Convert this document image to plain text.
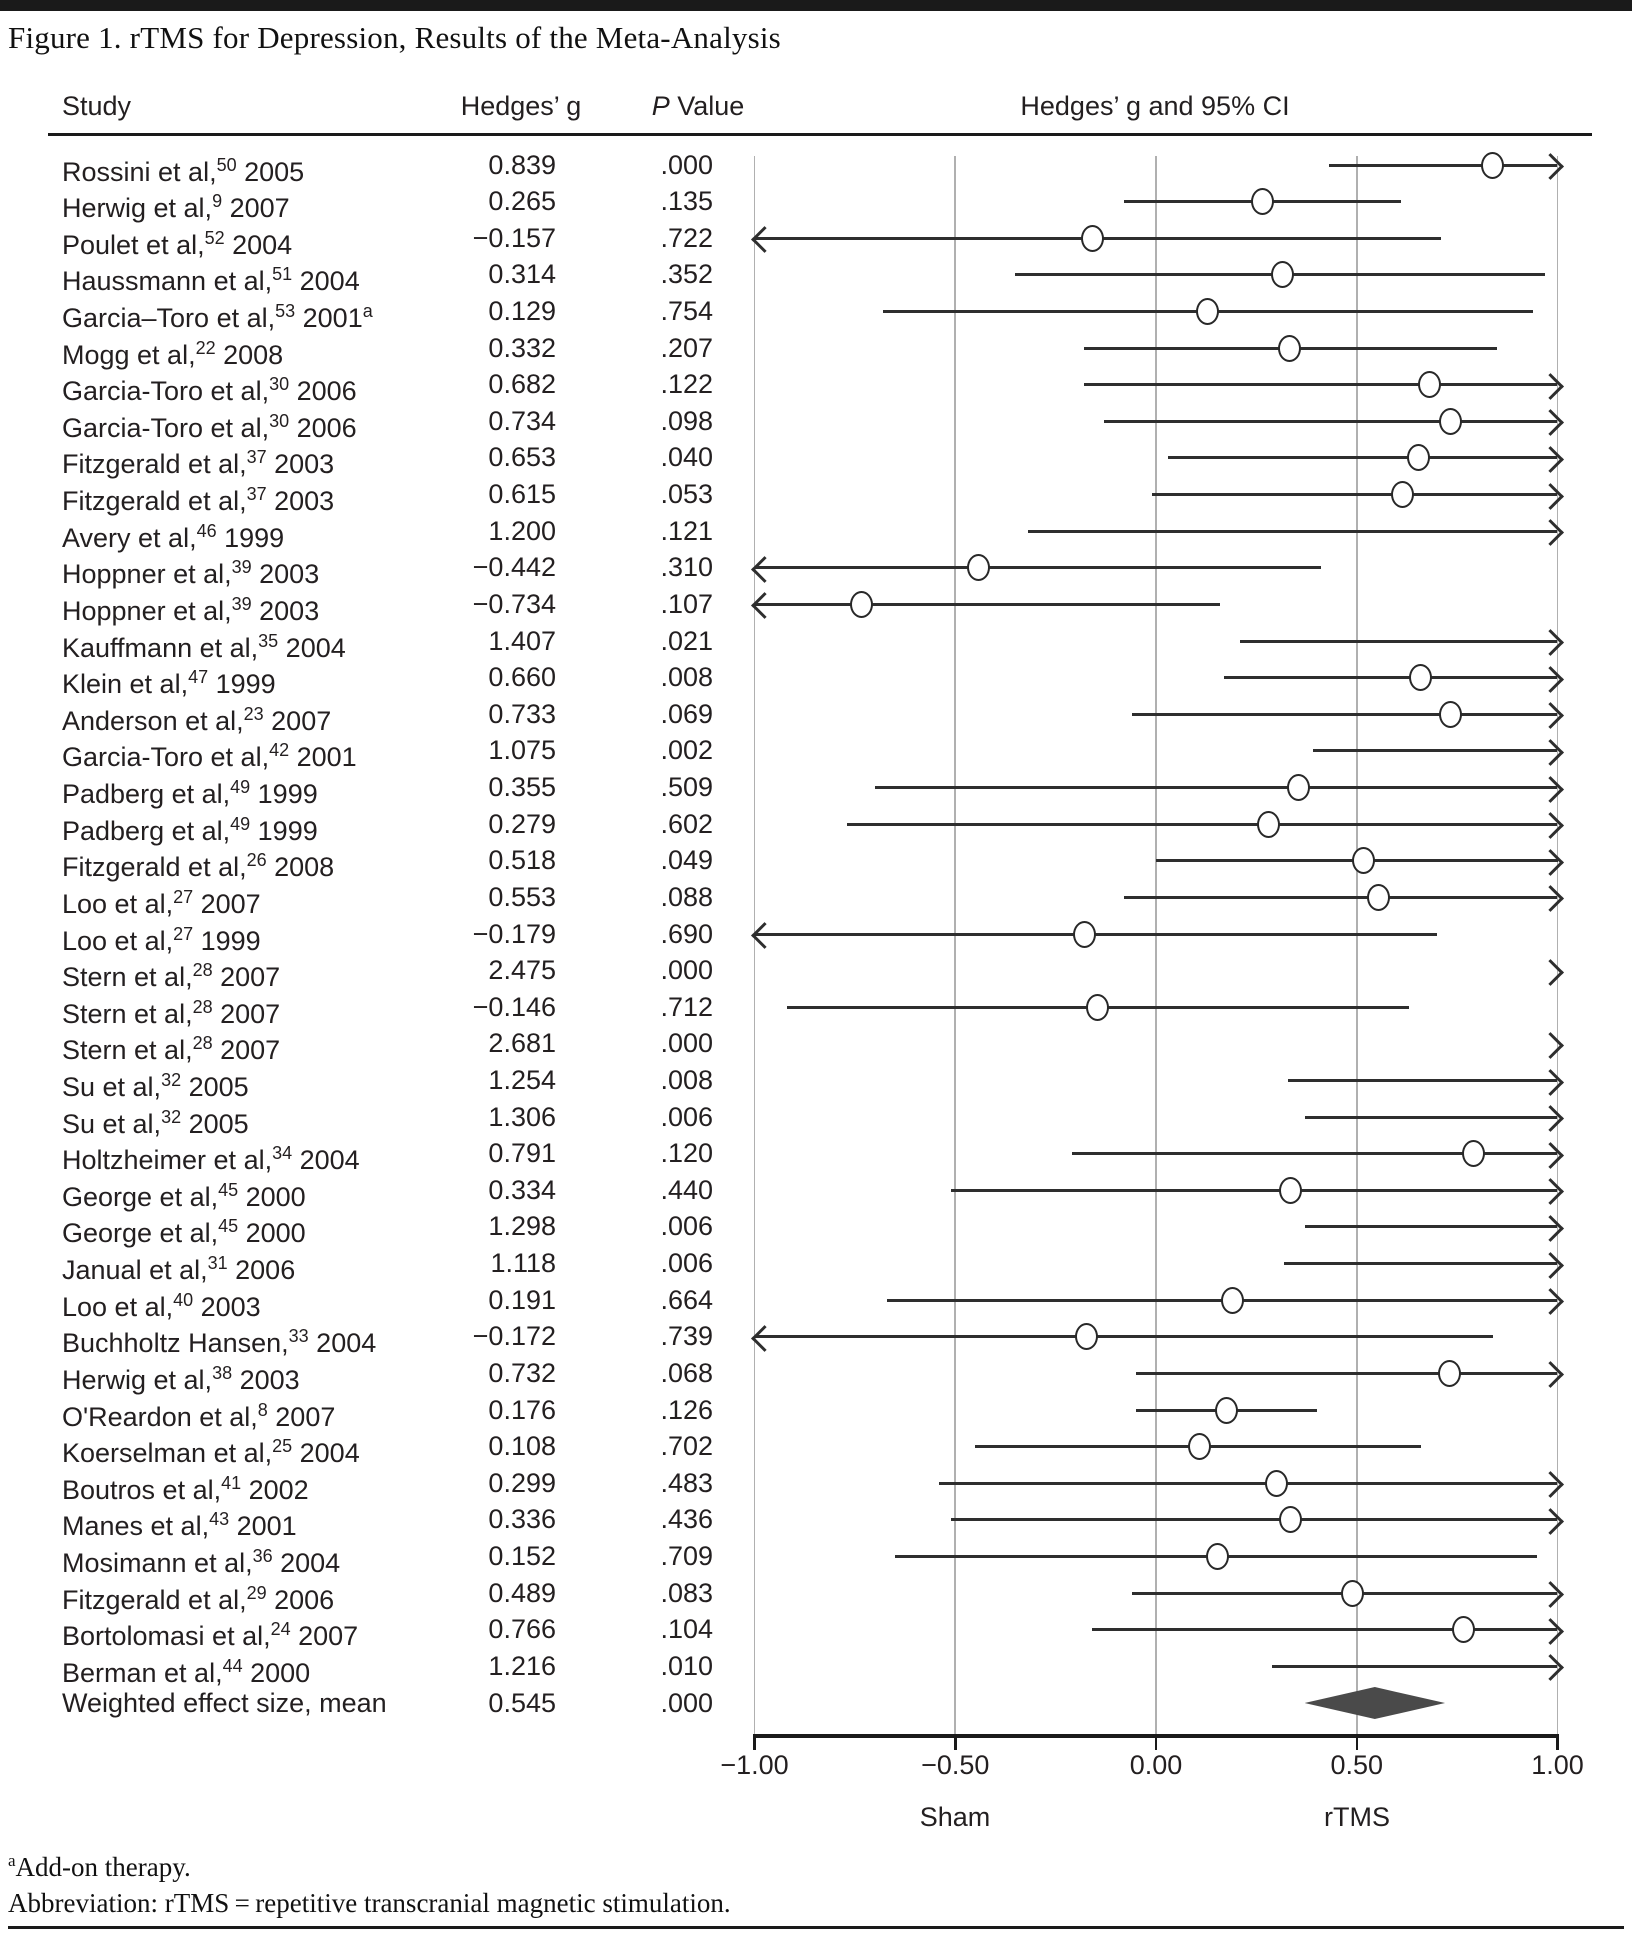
Figure 1. rTMS for Depression, Results of the Meta-Analysis
Study	Hedges’ g	P Value	Hedges’ g and 95% CI
Rossini et al,$^{50}$ 2005	0.839	.000
Herwig et al,$^9$ 2007	0.265	.135
Poulet et al,$^{52}$ 2004	−0.157	.722
Haussmann et al,$^{51}$ 2004	0.314	.352
Garcia–Toro et al,$^{53}$ 2001$^a$	0.129	.754
Mogg et al,$^{22}$ 2008	0.332	.207
Garcia-Toro et al,$^{30}$ 2006	0.682	.122
Garcia-Toro et al,$^{30}$ 2006	0.734	.098
Fitzgerald et al,$^{37}$ 2003	0.653	.040
Fitzgerald et al,$^{37}$ 2003	0.615	.053
Avery et al,$^{46}$ 1999	1.200	.121
Hoppner et al,$^{39}$ 2003	−0.442	.310
Hoppner et al,$^{39}$ 2003	−0.734	.107
Kauffmann et al,$^{35}$ 2004	1.407	.021
Klein et al,$^{47}$ 1999	0.660	.008
Anderson et al,$^{23}$ 2007	0.733	.069
Garcia-Toro et al,$^{42}$ 2001	1.075	.002
Padberg et al,$^{49}$ 1999	0.355	.509
Padberg et al,$^{49}$ 1999	0.279	.602
Fitzgerald et al,$^{26}$ 2008	0.518	.049
Loo et al,$^{27}$ 2007	0.553	.088
Loo et al,$^{27}$ 1999	−0.179	.690
Stern et al,$^{28}$ 2007	2.475	.000
Stern et al,$^{28}$ 2007	−0.146	.712
Stern et al,$^{28}$ 2007	2.681	.000
Su et al,$^{32}$ 2005	1.254	.008
Su et al,$^{32}$ 2005	1.306	.006
Holtzheimer et al,$^{34}$ 2004	0.791	.120
George et al,$^{45}$ 2000	0.334	.440
George et al,$^{45}$ 2000	1.298	.006
Janual et al,$^{31}$ 2006	1.118	.006
Loo et al,$^{40}$ 2003	0.191	.664
Buchholtz Hansen,$^{33}$ 2004	−0.172	.739
Herwig et al,$^{38}$ 2003	0.732	.068
O'Reardon et al,$^8$ 2007	0.176	.126
Koerselman et al,$^{25}$ 2004	0.108	.702
Boutros et al,$^{41}$ 2002	0.299	.483
Manes et al,$^{43}$ 2001	0.336	.436
Mosimann et al,$^{36}$ 2004	0.152	.709
Fitzgerald et al,$^{29}$ 2006	0.489	.083
Bortolomasi et al,$^{24}$ 2007	0.766	.104
Berman et al,$^{44}$ 2000	1.216	.010
Weighted effect size, mean	0.545	.000
−1.00	−0.50	0.00	0.50	1.00
Sham	rTMS
$^a$Add-on therapy.
Abbreviation: rTMS = repetitive transcranial magnetic stimulation.
